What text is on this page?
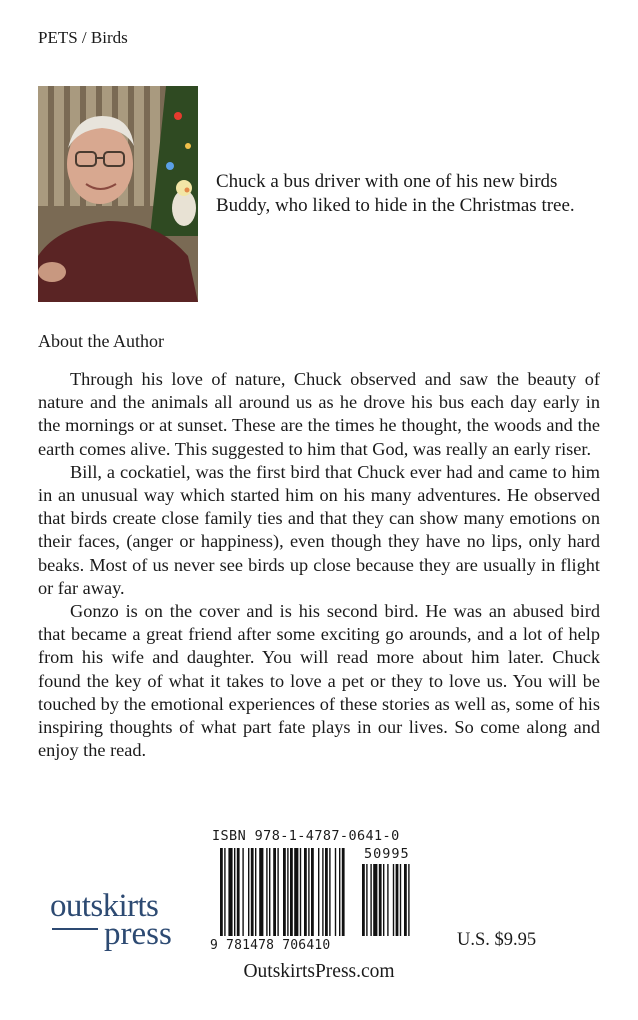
PETS / Birds
Chuck a bus driver with one of his new birds Buddy, who liked to hide in the Christmas tree.
About the Author

Through his love of nature, Chuck observed and saw the beauty of nature and the animals all around us as he drove his bus each day early in the mornings or at sunset. These are the times he thought, the woods and the earth comes alive. This suggested to him that God, was really an early riser.

Bill, a cockatiel, was the first bird that Chuck ever had and came to him in an unusual way which started him on his many adventures. He observed that birds create close family ties and that they can show many emotions on their faces, (anger or happiness), even though they have no lips, only hard beaks. Most of us never see birds up close because they are usually in flight or far away.

Gonzo is on the cover and is his second bird. He was an abused bird that became a great friend after some exciting go arounds, and a lot of help from his wife and daughter. You will read more about him later. Chuck found the key of what it takes to love a pet or they to love us. You will be touched by the emotional experiences of these stories as well as, some of his inspiring thoughts of what part fate plays in our lives. So come along and enjoy the read.

ISBN 978-1-4787-0641-0
50995
9 781478 706410
outskirts
press	U.S. $9.95
OutskirtsPress.com
